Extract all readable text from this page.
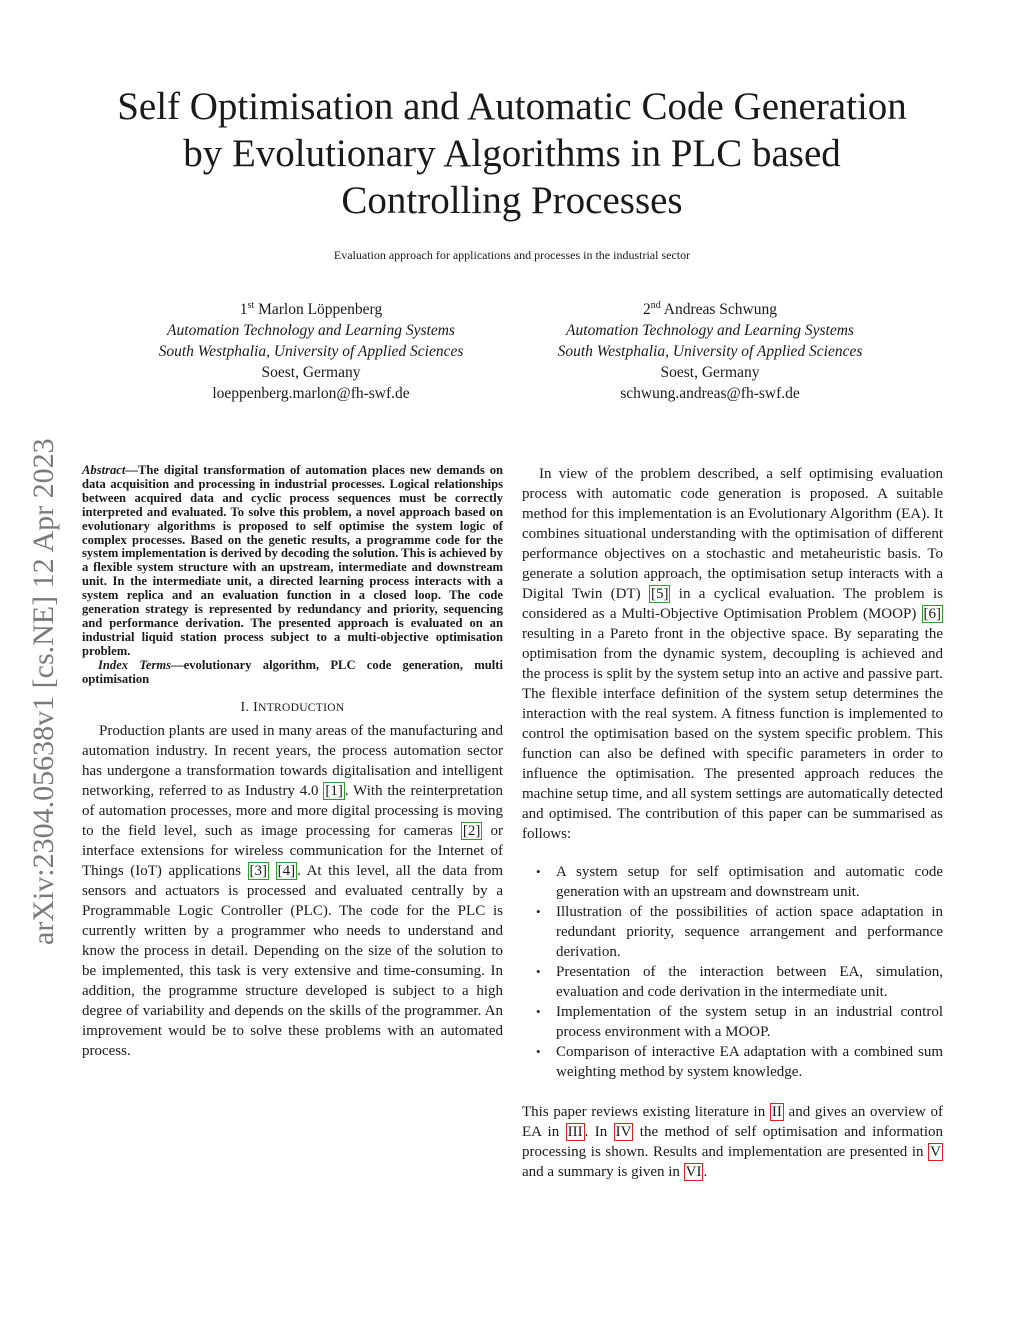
Self Optimisation and Automatic Code Generation
by Evolutionary Algorithms in PLC based
Controlling Processes
Evaluation approach for applications and processes in the industrial sector
1st Marlon Löppenberg
Automation Technology and Learning Systems
South Westphalia, University of Applied Sciences
Soest, Germany
loeppenberg.marlon@fh-swf.de
2nd Andreas Schwung
Automation Technology and Learning Systems
South Westphalia, University of Applied Sciences
Soest, Germany
schwung.andreas@fh-swf.de
arXiv:2304.05638v1 [cs.NE] 12 Apr 2023 Abstract—The digital transformation of automation places new demands on data acquisition and processing in industrial processes. Logical relationships between acquired data and cyclic process sequences must be correctly interpreted and evaluated. To solve this problem, a novel approach based on evolutionary algorithms is proposed to self optimise the system logic of complex processes. Based on the genetic results, a programme code for the system implementation is derived by decoding the solution. This is achieved by a flexible system structure with an upstream, intermediate and downstream unit. In the intermediate unit, a directed learning process interacts with a system replica and an evaluation function in a closed loop. The code generation strategy is represented by redundancy and priority, sequencing and performance derivation. The presented approach is evaluated on an industrial liquid station process subject to a multi-objective optimisation problem.

Index Terms—evolutionary algorithm, PLC code generation, multi optimisation

I. INTRODUCTION

Production plants are used in many areas of the manufacturing and automation industry. In recent years, the process automation sector has undergone a transformation towards digitalisation and intelligent networking, referred to as Industry 4.0 [1] . With the reinterpretation of automation processes, more and more digital processing is moving to the field level, such as image processing for cameras [2] or interface extensions for wireless communication for the Internet of Things (IoT) applications [3] [4] . At this level, all the data from sensors and actuators is processed and evaluated centrally by a Programmable Logic Controller (PLC). The code for the PLC is currently written by a programmer who needs to understand and know the process in detail. Depending on the size of the solution to be implemented, this task is very extensive and time-consuming. In addition, the programme structure developed is subject to a high degree of variability and depends on the skills of the programmer. An improvement would be to solve these problems with an automated process.

In view of the problem described, a self optimising evaluation process with automatic code generation is proposed. A suitable method for this implementation is an Evolutionary Algorithm (EA). It combines situational understanding with the optimisation of different performance objectives on a stochastic and metaheuristic basis. To generate a solution approach, the optimisation setup interacts with a Digital Twin (DT) [5] in a cyclical evaluation. The problem is considered as a Multi-Objective Optimisation Problem (MOOP) [6] resulting in a Pareto front in the objective space. By separating the optimisation from the dynamic system, decoupling is achieved and the process is split by the system setup into an active and passive part. The flexible interface definition of the system setup determines the interaction with the real system. A fitness function is implemented to control the optimisation based on the system specific problem. This function can also be defined with specific parameters in order to influence the optimisation. The presented approach reduces the machine setup time, and all system settings are automatically detected and optimised. The contribution of this paper can be summarised as follows:

• A system setup for self optimisation and automatic code generation with an upstream and downstream unit.
• Illustration of the possibilities of action space adaptation in redundant priority, sequence arrangement and performance derivation.
• Presentation of the interaction between EA, simulation, evaluation and code derivation in the intermediate unit.
• Implementation of the system setup in an industrial control process environment with a MOOP.
• Comparison of interactive EA adaptation with a combined sum weighting method by system knowledge.

This paper reviews existing literature in II and gives an overview of EA in III . In IV the method of self optimisation and information processing is shown. Results and implementation are presented in V and a summary is given in VI .
